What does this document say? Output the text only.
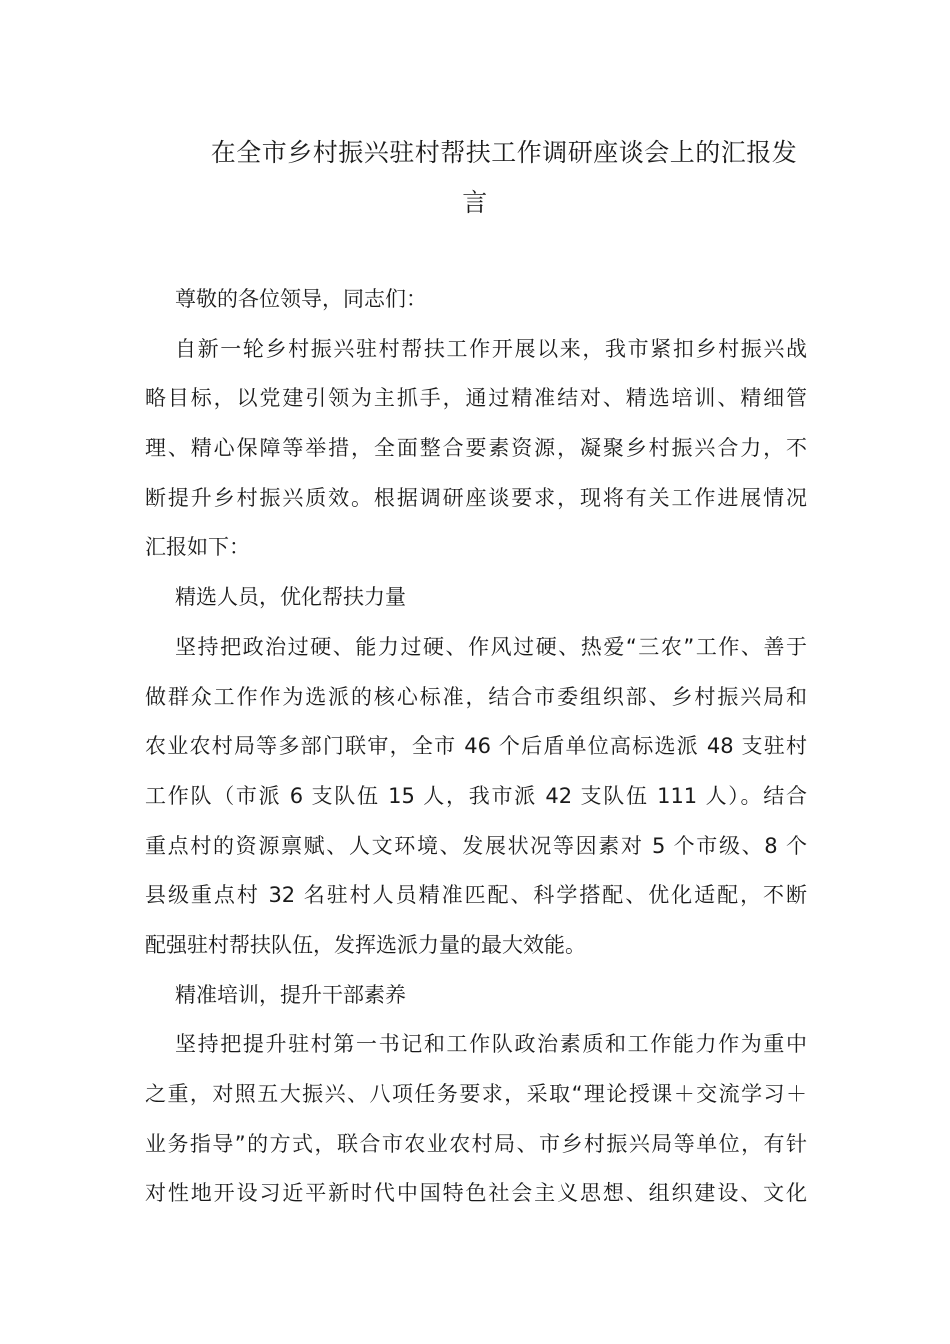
在全市乡村振兴驻村帮扶工作调研座谈会上的汇报发
言
尊敬的各位领导，同志们：
自新一轮乡村振兴驻村帮扶工作开展以来，我市紧扣乡村振兴战
略目标，以党建引领为主抓手，通过精准结对、精选培训、精细管
理、精心保障等举措，全面整合要素资源，凝聚乡村振兴合力，不
断提升乡村振兴质效。根据调研座谈要求，现将有关工作进展情况
汇报如下：
精选人员，优化帮扶力量
坚持把政治过硬、能力过硬、作风过硬、热爱“三农”工作、善于
做群众工作作为选派的核心标准，结合市委组织部、乡村振兴局和
农业农村局等多部门联审，全市 46 个后盾单位高标选派 48 支驻村
工作队（市派 6 支队伍 15 人，我市派 42 支队伍 111 人）。结合
重点村的资源禀赋、人文环境、发展状况等因素对 5 个市级、8 个
县级重点村 32 名驻村人员精准匹配、科学搭配、优化适配，不断
配强驻村帮扶队伍，发挥选派力量的最大效能。
精准培训，提升干部素养
坚持把提升驻村第一书记和工作队政治素质和工作能力作为重中
之重，对照五大振兴、八项任务要求，采取“理论授课＋交流学习＋
业务指导”的方式，联合市农业农村局、市乡村振兴局等单位，有针
对性地开设习近平新时代中国特色社会主义思想、组织建设、文化
